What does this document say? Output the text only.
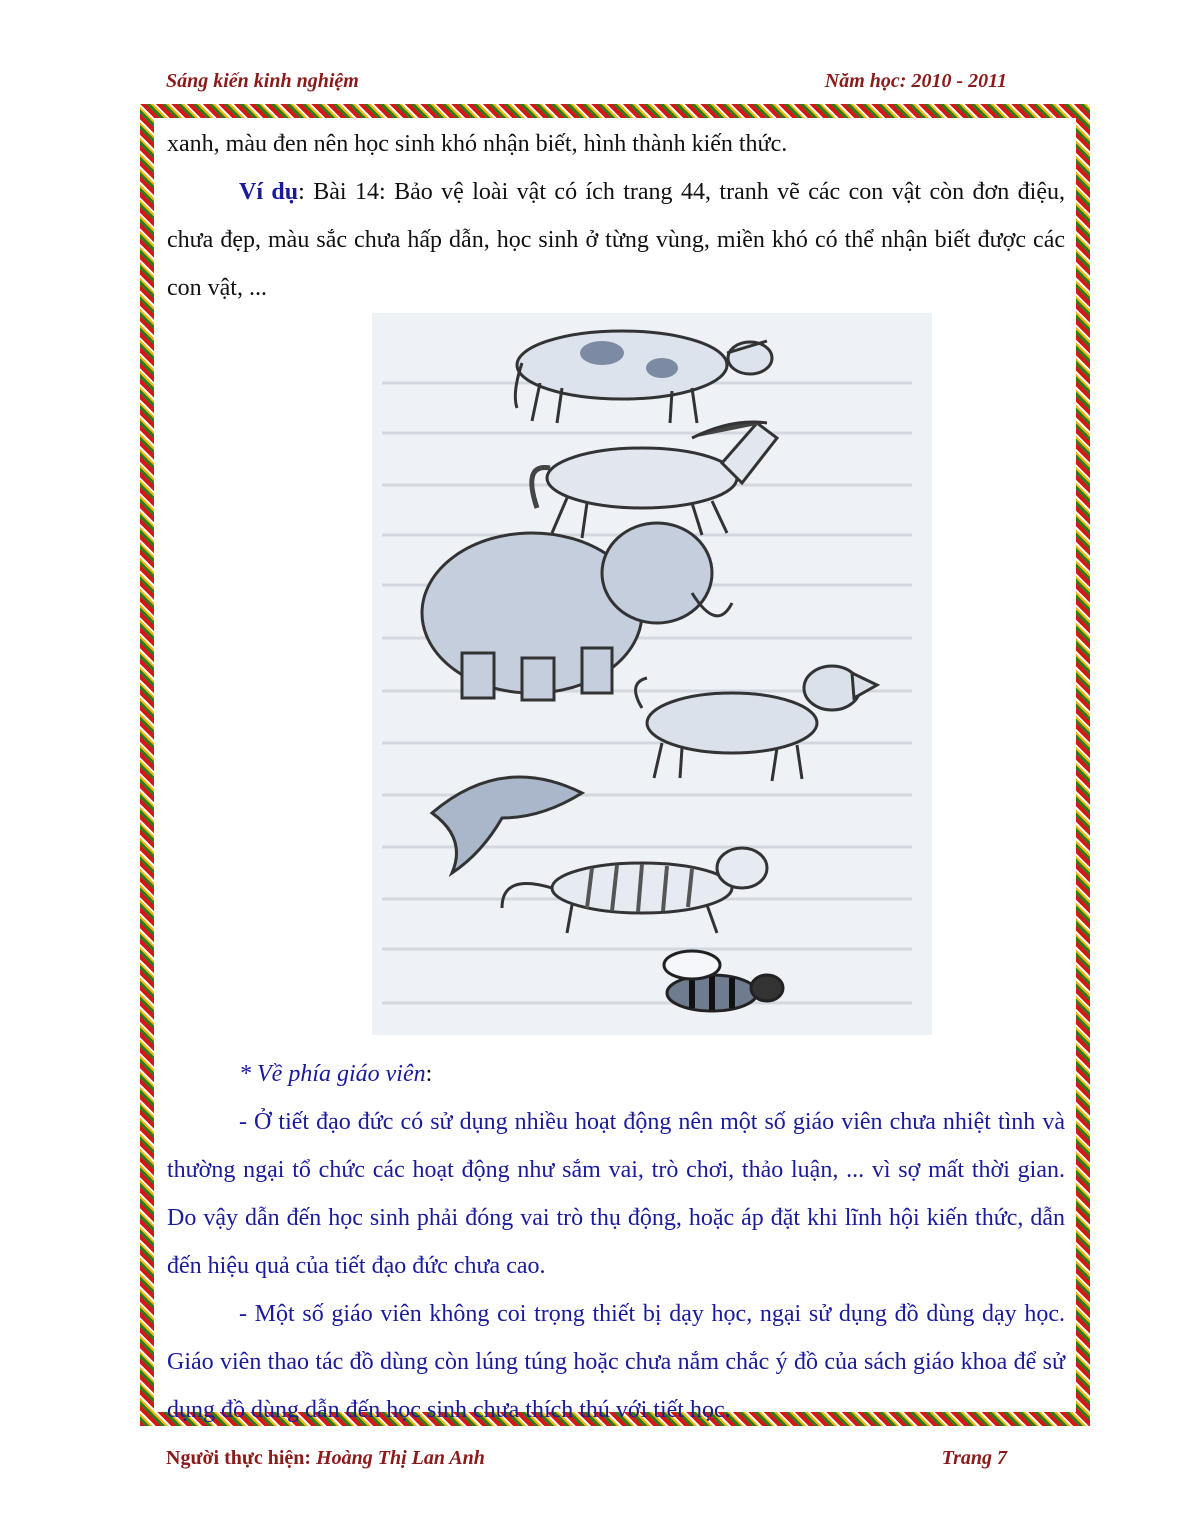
Sáng kiến kinh nghiệm	Năm học: 2010 - 2011

xanh, màu đen nên học sinh khó nhận biết, hình thành kiến thức.

Ví dụ: Bài 14: Bảo vệ loài vật có ích trang 44, tranh vẽ các con vật còn đơn điệu, chưa đẹp, màu sắc chưa hấp dẫn, học sinh ở từng vùng, miền khó có thể nhận biết được các con vật, ...

* Về phía giáo viên:

- Ở tiết đạo đức có sử dụng nhiều hoạt động nên một số giáo viên chưa nhiệt tình và thường ngại tổ chức các hoạt động như sắm vai, trò chơi, thảo luận, ... vì sợ mất thời gian. Do vậy dẫn đến học sinh phải đóng vai trò thụ động, hoặc áp đặt khi lĩnh hội kiến thức, dẫn đến hiệu quả của tiết đạo đức chưa cao.

- Một số giáo viên không coi trọng thiết bị dạy học, ngại sử dụng đồ dùng dạy học. Giáo viên thao tác đồ dùng còn lúng túng hoặc chưa nắm chắc ý đồ của sách giáo khoa để sử dụng đồ dùng dẫn đến học sinh chưa thích thú với tiết học.

Người thực hiện: Hoàng Thị Lan Anh	Trang 7
